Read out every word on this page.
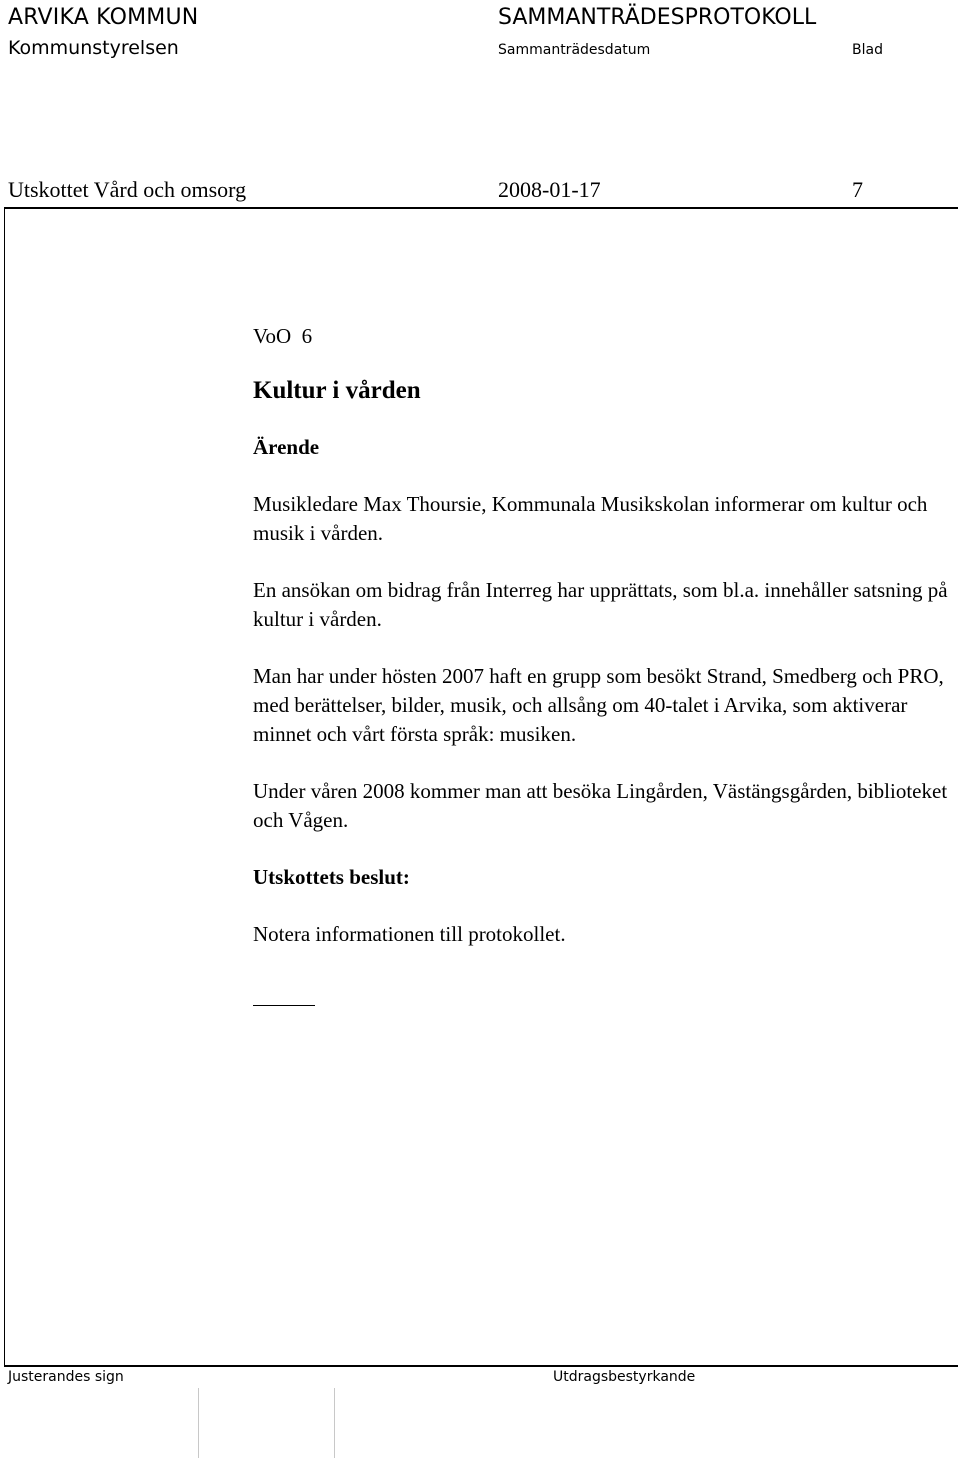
ARVIKA KOMMUN
Kommunstyrelsen
SAMMANTRÄDESPROTOKOLL
Sammanträdesdatum	Blad
Utskottet Vård och omsorg	2008-01-17	7

VoO  6

Kultur i vården

Ärende

Musikledare Max Thoursie, Kommunala Musikskolan informerar om kultur och musik i vården.

En ansökan om bidrag från Interreg har upprättats, som bl.a. innehåller satsning på kultur i vården.

Man har under hösten 2007 haft en grupp som besökt Strand, Smedberg och PRO, med berättelser, bilder, musik, och allsång om 40-talet i Arvika, som aktiverar minnet och vårt första språk: musiken.

Under våren 2008 kommer man att besöka Lingården, Västängsgården, biblioteket och Vågen.

Utskottets beslut:

Notera informationen till protokollet.

Justerandes sign	Utdragsbestyrkande
